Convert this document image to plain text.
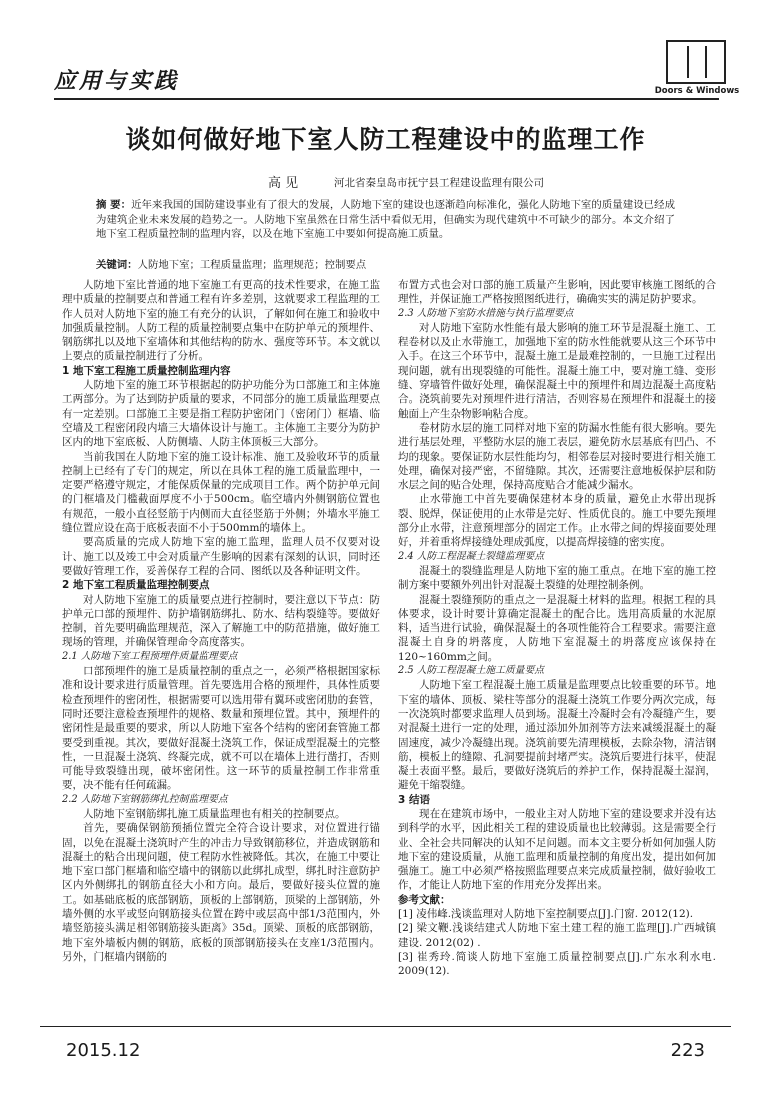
应用与实践	Doors & Windows
谈如何做好地下室人防工程建设中的监理工作
高 见	河北省秦皇岛市抚宁县工程建设监理有限公司
摘 要：近年来我国的国防建设事业有了很大的发展，人防地下室的建设也逐渐趋向标准化，强化人防地下室的质量建设已经成为建筑企业未来发展的趋势之一。人防地下室虽然在日常生活中看似无用，但确实为现代建筑中不可缺少的部分。本文介绍了地下室工程质量控制的监理内容，以及在地下室施工中要如何提高施工质量。
关键词：人防地下室；工程质量监理；监理规范；控制要点

人防地下室比普通的地下室施工有更高的技术性要求，在施工监理中质量的控制要点和普通工程有许多差别，这就要求工程监理的工作人员对人防地下室的施工有充分的认识，了解如何在施工和验收中加强质量控制。人防工程的质量控制要点集中在防护单元的预埋件、钢筋绑扎以及地下室墙体和其他结构的防水、强度等环节。本文就以上要点的质量控制进行了分析。

1 地下室工程施工质量控制监理内容

人防地下室的施工环节根据起的防护功能分为口部施工和主体施工两部分。为了达到防护质量的要求，不同部分的施工质量监理要点有一定差别。口部施工主要是指工程防护密闭门（密闭门）框墙、临空墙及工程密闭段内墙三大墙体设计与施工。主体施工主要分为防护区内的地下室底板、人防侧墙、人防主体顶板三大部分。

当前我国在人防地下室的施工设计标准、施工及验收环节的质量控制上已经有了专门的规定，所以在具体工程的施工质量监理中，一定要严格遵守规定，才能保质保量的完成项目工作。两个防护单元间的门框墙及门槛截面厚度不小于500cm。临空墙内外侧钢筋位置也有规范，一般小直径竖筋于内侧而大直径竖筋于外侧；外墙水平施工缝位置应设在高于底板表面不小于500mm的墙体上。

要高质量的完成人防地下室的施工监理，监理人员不仅要对设计、施工以及竣工中会对质量产生影响的因素有深刻的认识，同时还要做好管理工作，妥善保存工程的合同、图纸以及各种证明文件。

2 地下室工程质量监理控制要点

对人防地下室施工的质量要点进行控制时，要注意以下节点：防护单元口部的预埋件、防护墙钢筋绑扎、防水、结构裂缝等。要做好控制，首先要明确监理规范，深入了解施工中的防范措施，做好施工现场的管理，并确保管理命令高度落实。

2.1 人防地下室工程预埋件质量监理要点

口部预埋件的施工是质量控制的重点之一，必须严格根据国家标准和设计要求进行质量管理。首先要选用合格的预埋件，具体性质要检查预埋件的密闭性，根据需要可以选用带有翼环或密闭肋的套管，同时还要注意检查预埋件的规格、数量和预埋位置。其中，预埋件的密闭性是最重要的要求，所以人防地下室各个结构的密闭套管施工都要受到重视。其次，要做好混凝土浇筑工作，保证成型混凝土的完整性，一旦混凝土浇筑、终凝完成，就不可以在墙体上进行凿打，否则可能导致裂缝出现，破坏密闭性。这一环节的质量控制工作非常重要，决不能有任何疏漏。

2.2 人防地下室钢筋绑扎控制监理要点

人防地下室钢筋绑扎施工质量监理也有相关的控制要点。

首先，要确保钢筋预插位置完全符合设计要求，对位置进行锚固，以免在混凝土浇筑时产生的冲击力导致钢筋移位，并造成钢筋和混凝土的粘合出现问题，使工程防水性被降低。其次，在施工中要让地下室口部门框墙和临空墙中的钢筋以此绑扎成型，绑扎时注意防护区内外侧绑扎的钢筋直径大小和方向。最后，要做好接头位置的施工。如基础底板的底部钢筋，顶板的上部钢筋，顶梁的上部钢筋，外墙外侧的水平或竖向钢筋接头位置在跨中或层高中部1/3范围内，外墙竖筋接头满足相邻钢筋接头距离》35d。顶梁、顶板的底部钢筋，地下室外墙板内侧的钢筋，底板的顶部钢筋接头在支座1/3范围内。另外，门框墙内钢筋的

布置方式也会对口部的施工质量产生影响，因此要审核施工图纸的合理性，并保证施工严格按照图纸进行，确确实实的满足防护要求。

2.3 人防地下室防水措施与执行监理要点

对人防地下室防水性能有最大影响的施工环节是混凝土施工、工程卷材以及止水带施工，加强地下室的防水性能就要从这三个环节中入手。在这三个环节中，混凝土施工是最难控制的，一旦施工过程出现问题，就有出现裂缝的可能性。混凝土施工中，要对施工缝、变形缝、穿墙管件做好处理，确保混凝土中的预埋件和周边混凝土高度粘合。浇筑前要先对预埋件进行清洁，否则容易在预埋件和混凝土的接触面上产生杂物影响粘合度。

卷材防水层的施工同样对地下室的防漏水性能有很大影响。要先进行基层处理，平整防水层的施工表层，避免防水层基底有凹凸、不均的现象。要保证防水层性能均匀，相邻卷层对接时要进行相关施工处理，确保对接严密，不留缝隙。其次，还需要注意地板保护层和防水层之间的贴合处理，保持高度贴合才能减少漏水。

止水带施工中首先要确保建材本身的质量，避免止水带出现拆裂、脱焊，保证使用的止水带是完好、性质优良的。施工中要先预埋部分止水带，注意预埋部分的固定工作。止水带之间的焊接面要处理好，并着重将焊接缝处理成弧度，以提高焊接缝的密实度。

2.4 人防工程混凝土裂缝监理要点

混凝土的裂缝监理是人防地下室的施工重点。在地下室的施工控制方案中要额外列出针对混凝土裂缝的处理控制条例。

混凝土裂缝预防的重点之一是混凝土材料的监理。根据工程的具体要求，设计时要计算确定混凝土的配合比。选用高质量的水泥原料，适当进行试验，确保混凝土的各项性能符合工程要求。需要注意混凝土自身的坍落度，人防地下室混凝土的坍落度应该保持在120~160mm之间。

2.5 人防工程混凝土施工质量要点

人防地下室工程混凝土施工质量是监理要点比较重要的环节。地下室的墙体、顶板、梁柱等部分的混凝土浇筑工作要分两次完成，每一次浇筑时都要求监理人员到场。混凝土冷凝时会有冷凝缝产生，要对混凝土进行一定的处理，通过添加外加剂等方法来减缓混凝土的凝固速度，减少冷凝缝出现。浇筑前要先清理模板，去除杂物，清洁钢筋，模板上的缝隙、孔洞要提前封堵严实。浇筑后要进行抹平，使混凝土表面平整。最后，要做好浇筑后的养护工作，保持混凝土湿润，避免干缩裂缝。

3 结语

现在在建筑市场中，一般业主对人防地下室的建设要求并没有达到科学的水平，因此相关工程的建设质量也比较薄弱。这是需要全行业、全社会共同解决的认知不足问题。而本文主要分析如何加强人防地下室的建设质量，从施工监理和质量控制的角度出发，提出如何加强施工。施工中必须严格按照监理要点来完成质量控制，做好验收工作，才能让人防地下室的作用充分发挥出来。

参考文献：

[1] 凌伟峰.浅谈监理对人防地下室控制要点[J].门窗. 2012(12).

[2] 梁文鞭.浅谈结建式人防地下室土建工程的施工监理[J].广西城镇建设. 2012(02) .

[3] 崔秀玲.简谈人防地下室施工质量控制要点[J].广东水利水电. 2009(12).

2015.12	223
